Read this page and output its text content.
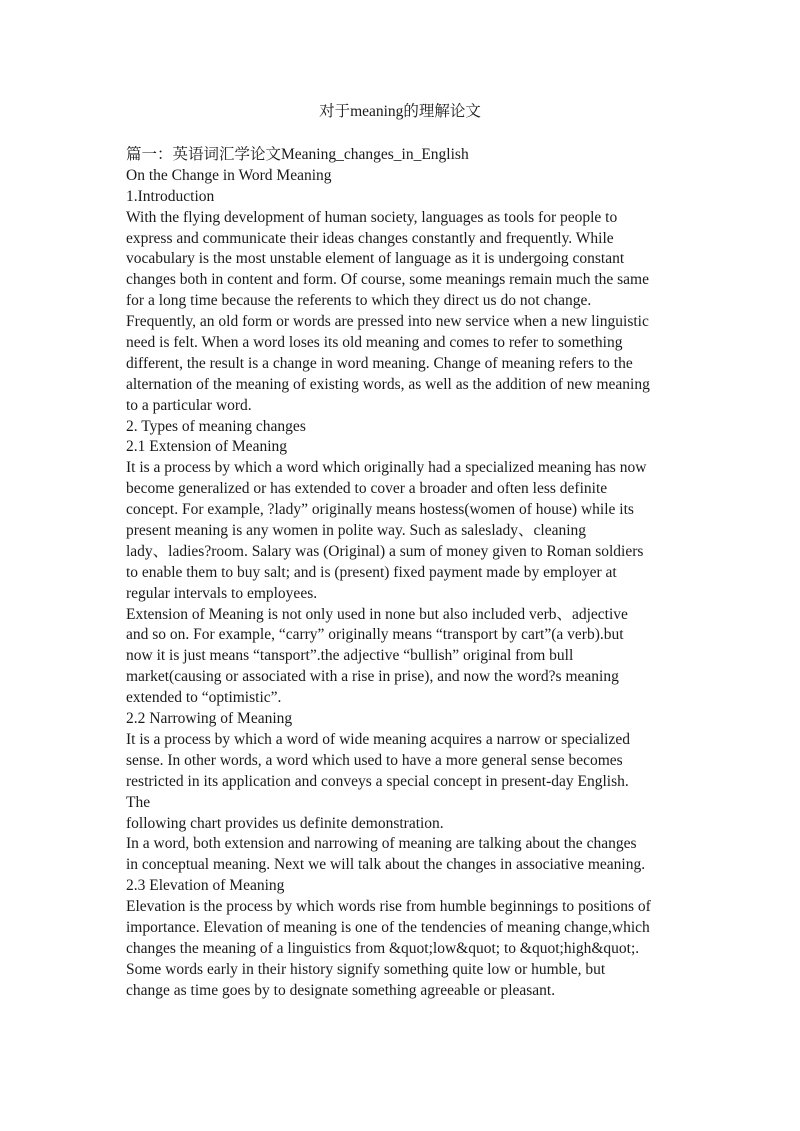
对于meaning的理解论文
篇一：英语词汇学论文Meaning_changes_in_English
On the Change in Word Meaning
1.Introduction
With the flying development of human society, languages as tools for people to
express and communicate their ideas changes constantly and frequently. While
vocabulary is the most unstable element of language as it is undergoing constant
changes both in content and form. Of course, some meanings remain much the same
for a long time because the referents to which they direct us do not change.
Frequently, an old form or words are pressed into new service when a new linguistic
need is felt. When a word loses its old meaning and comes to refer to something
different, the result is a change in word meaning. Change of meaning refers to the
alternation of the meaning of existing words, as well as the addition of new meaning
to a particular word.
2. Types of meaning changes
2.1 Extension of Meaning
It is a process by which a word which originally had a specialized meaning has now
become generalized or has extended to cover a broader and often less definite
concept. For example, ?lady” originally means hostess(women of house) while its
present meaning is any women in polite way. Such as saleslady、cleaning
lady、ladies?room. Salary was (Original) a sum of money given to Roman soldiers
to enable them to buy salt; and is (present) fixed payment made by employer at
regular intervals to employees.
Extension of Meaning is not only used in none but also included verb、adjective
and so on. For example, “carry” originally means “transport by cart”(a verb).but
now it is just means “tansport”.the adjective “bullish” original from bull
market(causing or associated with a rise in prise), and now the word?s meaning
extended to “optimistic”.
2.2 Narrowing of Meaning
It is a process by which a word of wide meaning acquires a narrow or specialized
sense. In other words, a word which used to have a more general sense becomes
restricted in its application and conveys a special concept in present-day English.
The
following chart provides us definite demonstration.
In a word, both extension and narrowing of meaning are talking about the changes
in conceptual meaning. Next we will talk about the changes in associative meaning.
2.3 Elevation of Meaning
Elevation is the process by which words rise from humble beginnings to positions of
importance. Elevation of meaning is one of the tendencies of meaning change,which
changes the meaning of a linguistics from &quot;low&quot; to &quot;high&quot;.
Some words early in their history signify something quite low or humble, but
change as time goes by to designate something agreeable or pleasant.
